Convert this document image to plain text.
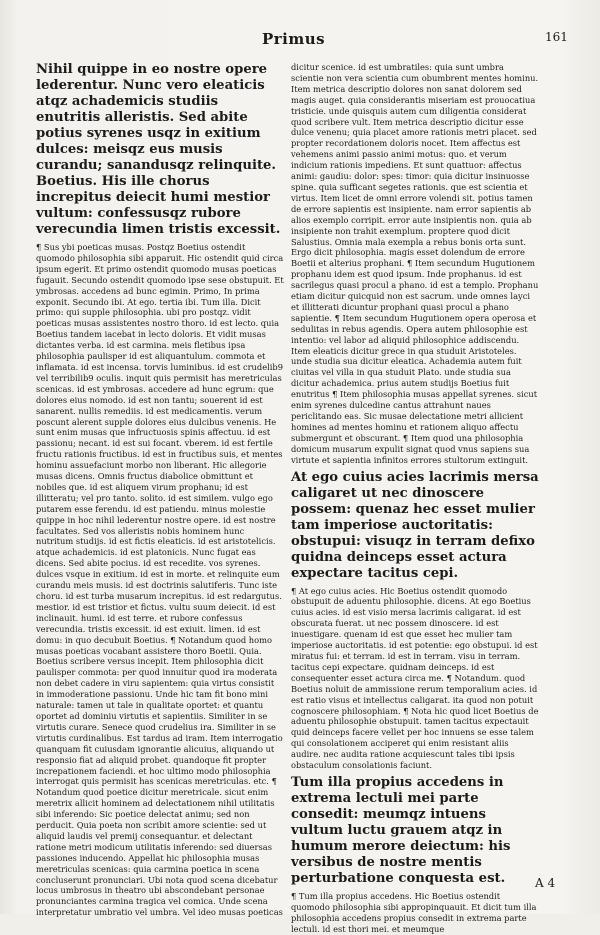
Primus	161

Nihil quippe in eo nostre opere lederentur. Nunc vero eleaticis atqz achademicis studiis enutritis alleristis. Sed abite potius syrenes usqz in exitium dulces: meisqz eus musis curandu; sanandusqz relinquite. Boetius. His ille chorus increpitus deiecit humi mestior vultum: confessusqz rubore verecundia limen tristis excessit.

¶ Sus ybi poeticas musas. Postqz Boetius ostendit quomodo philosophia sibi apparuit. Hic ostendit quid circa ipsum egerit. Et primo ostendit quomodo musas poeticas fugauit. Secundo ostendit quomodo ipse sese obstupuit. Et ymbrosas. accedens ad bunc egimin. Primo, In prima exponit. Secundo ibi. At ego. tertia ibi. Tum illa. Dicit primo: qui supple philosophia. ubi pro postqz. vidit poeticas musas assistentes nostro thoro. id est lecto. quia Boetius tandem iacebat in lecto doloris. Et vidit musas dictantes verba. id est carmina. meis fletibus ipsa philosophia paulisper id est aliquantulum. commota et inflamata. id est incensa. torvis luminibus. id est crudelib9 vel terribilib9 oculis. inquit quis permisit has meretriculas scenicas. id est ymbrosas. accedere ad hunc egrum: que dolores eius nomodo. id est non tantu; souerent id est sanarent. nullis remediis. id est medicamentis. verum poscunt alerent supple dolores eius dulcibus venenis. He sunt enim musas que infructuosis spinis affectuu. id est passionu; necant. id est sui focant. vberem. id est fertile fructu rationis fructibus. id est in fructibus suis, et mentes hominu assuefaciunt morbo non liberant. Hic allegorie musas dicens. Omnis fructus diabolice obmittunt et nobiles que. id est aliquem virum prophanu; id est illitteratu; vel pro tanto. solito. id est similem. vulgo ego putarem esse ferendu. id est patiendu. minus molestie quippe in hoc nihil lederentur nostre opere. id est nostre facultates. Sed vos alleristis nobis hominem hunc nutritum studijs. id est fictis eleaticis. id est aristotelicis. atque achademicis. id est platonicis. Nunc fugat eas dicens. Sed abite pocius. id est recedite. vos syrenes. dulces vsque in exitium. id est in morte. et relinquite eum curandu meis musis. id est doctrinis salutiferis. Tunc iste choru. id est turba musarum increpitus. id est redargutus. mestior. id est tristior et fictus. vultu suum deiecit. id est inclinauit. humi. id est terre. et rubore confessus verecundia. tristis excessit. id est exiuit. limen. id est domu: in quo decubuit Boetius. ¶ Notandum quod homo musas poeticas vocabant assistere thoro Boetii. Quia. Boetius scribere versus incepit. Item philosophia dicit paulisper commota: per quod innuitur quod ira moderata non debet cadere in viru sapientem: quia virtus consistit in immoderatione passionu. Unde hic tam fit bono mini naturale: tamen ut tale in qualitate oportet: et quantu oportet ad dominiu virtutis et sapientiis. Similiter in se virtutis curare. Senece quod crudelius ira. Similiter in se virtutis curdinalibus. Est tardus ad iram. Item interrogatio quanquam fit cuiusdam ignorantie alicuius, aliquando ut responsio fiat ad aliquid probet. quandoque fit propter increpationem faciendi. et hoc ultimo modo philosophia interrogat quis permisit has scenicas meretriculas. etc. ¶ Notandum quod poetice dicitur meretricale. sicut enim meretrix allicit hominem ad delectationem nihil utilitatis sibi inferendo: Sic poetice delectat animu; sed non perducit. Quia poeta non scribit amore scientie: sed ut aliquid laudis vel premij consequantur. et delectant ratione metri modicum utilitatis inferendo: sed diuersas passiones inducendo. Appellat hic philosophia musas meretriculas scenicas: quia carmina poetica in scena concluserunt pronunciari. Ubi nota quod scena dicebatur locus umbrosus in theatro ubi abscondebant personae pronunciantes carmina tragica vel comica. Unde scena interpretatur umbratio vel umbra. Vel ideo musas poeticas

dicitur scenice. id est umbratiles: quia sunt umbra scientie non vera scientia cum obumbrent mentes hominu. Item metrica descriptio dolores non sanat dolorem sed magis auget. quia considerantis miseriam est prouocatiua tristicie. unde quisquis autem cum diligentia considerat quod scribere vult. Item metrica descriptio dicitur esse dulce venenu; quia placet amore rationis metri placet. sed propter recordationem doloris nocet. Item affectus est vehemens animi passio animi motus: quo. et verum indicium rationis impediens. Et sunt quattuor: affectus animi: gaudiu: dolor: spes: timor: quia dicitur insinuosse spine. quia sufficant segetes rationis. que est scientia et virtus. Item licet de omni errore volendi sit. potius tamen de errore sapientis est insipiente. nam error sapientis ab alios exemplo corripit. error aute insipientis non. quia ab insipiente non trahit exemplum. proptere quod dicit Salustius. Omnia mala exempla a rebus bonis orta sunt. Ergo dicit philosophia. magis esset dolendum de errore Boetii et alterius prophani. ¶ Item secundum Hugutionem prophanu idem est quod ipsum. Inde prophanus. id est sacrilegus quasi procul a phano. id est a templo. Prophanu etiam dicitur quicquid non est sacrum. unde omnes layci et illitterati dicuntur prophani quasi procul a phano sapientie. ¶ Item secundum Hugutionem opera operosa et sedulitas in rebus agendis. Opera autem philosophie est intentio: vel labor ad aliquid philosophice addiscendu. Item eleaticis dicitur grece in qua studuit Aristoteles. unde studia sua dicitur eleatica. Achademia autem fuit ciuitas vel villa in qua studuit Plato. unde studia sua dicitur achademica. prius autem studijs Boetius fuit enutritus ¶ Item philosophia musas appellat syrenes. sicut enim syrenes dulcedine cantus attrahunt naues periclitando eas. Sic musae delectatione metri allicient homines ad mentes hominu et rationem aliquo affectu submergunt et obscurant. ¶ Item quod una philosophia domicum musarum expulit signat quod vnus sapiens sua virtute et sapientia infinitos errores stultorum extinguit.

At ego cuius acies lacrimis mersa caligaret ut nec dinoscere possem: quenaz hec esset mulier tam imperiose auctoritatis: obstupui: visuqz in terram defixo quidna deinceps esset actura expectare tacitus cepi.

¶ At ego cuius acies. Hic Boetius ostendit quomodo obstupuit de aduentu philosophie. dicens. At ego Boetius cuius acies. id est visio mersa lacrimis caligarat. id est obscurata fuerat. ut nec possem dinoscere. id est inuestigare. quenam id est que esset hec mulier tam imperiose auctoritatis. id est potentie: ego obstupui. id est miratus fui: et terram. id est in terram. visu in terram. tacitus cepi expectare. quidnam deinceps. id est consequenter esset actura circa me. ¶ Notandum. quod Boetius noluit de ammissione rerum temporalium acies. id est ratio visus et intellectus caligarat. ita quod non potuit cognoscere philosophiam. ¶ Nota hic quod licet Boetius de aduentu philosophie obstupuit. tamen tacitus expectauit quid deinceps facere vellet per hoc innuens se esse talem qui consolationem acciperet qui enim resistant aliis audire. nec audita ratione acquiescunt tales tibi ipsis obstaculum consolationis faciunt.

Tum illa propius accedens in extrema lectuli mei parte consedit: meumqz intuens vultum luctu grauem atqz in humum merore deiectum: his versibus de nostre mentis perturbatione conquesta est.

¶ Tum illa propius accedens. Hic Boetius ostendit quomodo philosophia sibi appropinquauit. Et dicit tum illa philosophia accedens propius consedit in extrema parte lectuli. id est thori mei. et meumque

A 4
